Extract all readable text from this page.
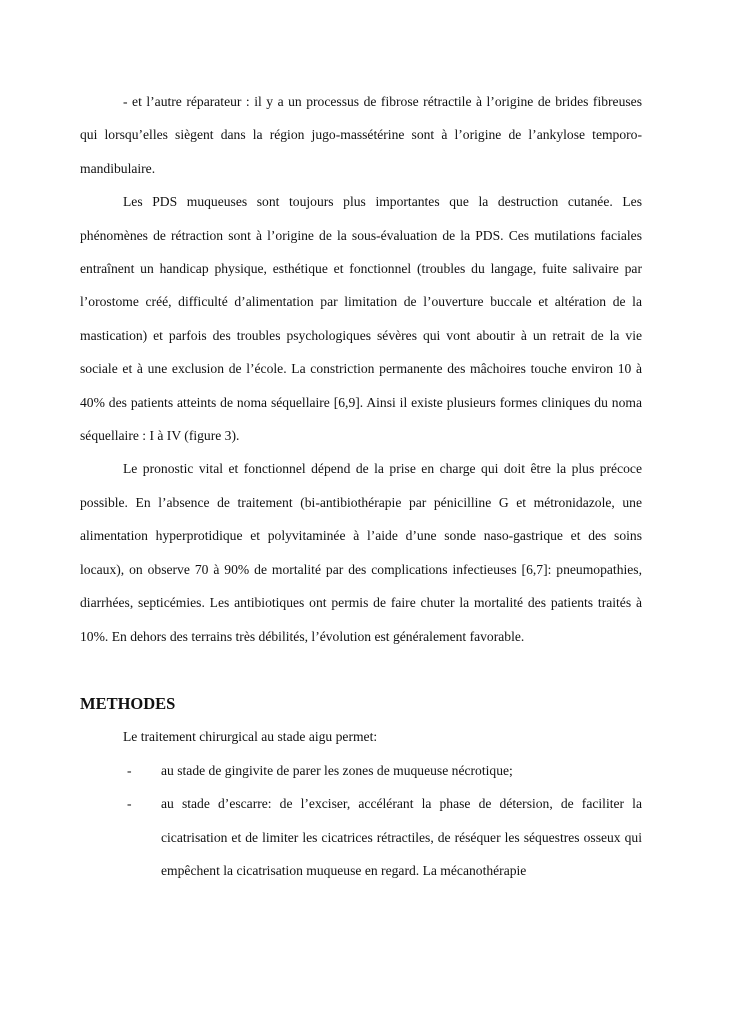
- et l’autre réparateur : il y a un processus de fibrose rétractile à l’origine de brides fibreuses qui lorsqu’elles siègent dans la région jugo-massétérine sont à l’origine de l’ankylose temporo-mandibulaire.

Les PDS muqueuses sont toujours plus importantes que la destruction cutanée. Les phénomènes de rétraction sont à l’origine de la sous-évaluation de la PDS. Ces mutilations faciales entraînent un handicap physique, esthétique et fonctionnel (troubles du langage, fuite salivaire par l’orostome créé, difficulté d’alimentation par limitation de l’ouverture buccale et altération de la mastication) et parfois des troubles psychologiques sévères qui vont aboutir à un retrait de la vie sociale et à une exclusion de l’école. La constriction permanente des mâchoires touche environ 10 à 40% des patients atteints de noma séquellaire [6,9]. Ainsi il existe plusieurs formes cliniques du noma séquellaire : I à IV (figure 3).

Le pronostic vital et fonctionnel dépend de la prise en charge qui doit être la plus précoce possible. En l’absence de traitement (bi-antibiothérapie par pénicilline G et métronidazole, une alimentation hyperprotidique et polyvitaminée à l’aide d’une sonde naso-gastrique et des soins locaux), on observe 70 à 90% de mortalité par des complications infectieuses [6,7]: pneumopathies, diarrhées, septicémies. Les antibiotiques ont permis de faire chuter la mortalité des patients traités à 10%. En dehors des terrains très débilités, l’évolution est généralement favorable.

METHODES

Le traitement chirurgical au stade aigu permet:

- au stade de gingivite de parer les zones de muqueuse nécrotique;
- au stade d’escarre: de l’exciser, accélérant la phase de détersion, de faciliter la cicatrisation et de limiter les cicatrices rétractiles, de réséquer les séquestres osseux qui empêchent la cicatrisation muqueuse en regard. La mécanothérapie
